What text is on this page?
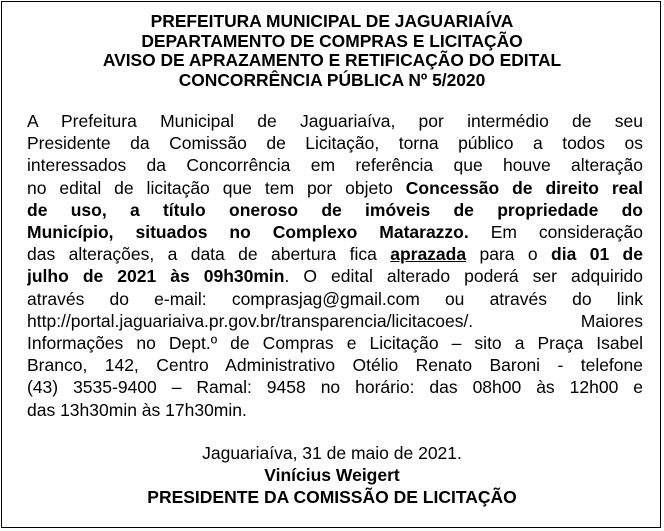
PREFEITURA MUNICIPAL DE JAGUARIAÍVA
DEPARTAMENTO DE COMPRAS E LICITAÇÃO
AVISO DE APRAZAMENTO E RETIFICAÇÃO DO EDITAL
CONCORRÊNCIA PÚBLICA Nº 5/2020
A Prefeitura Municipal de Jaguariaíva, por intermédio de seu
Presidente da Comissão de Licitação, torna público a todos os
interessados da Concorrência em referência que houve alteração
no edital de licitação que tem por objeto Concessão de direito real
de uso, a título oneroso de imóveis de propriedade do
Município, situados no Complexo Matarazzo. Em consideração
das alterações, a data de abertura fica aprazada para o dia 01 de
julho de 2021 às 09h30min. O edital alterado poderá ser adquirido
através do e-mail: comprasjag@gmail.com ou através do link
http://portal.jaguariaiva.pr.gov.br/transparencia/licitacoes/.	Maiores
Informações no Dept.º de Compras e Licitação – sito a Praça Isabel
Branco, 142, Centro Administrativo Otélio Renato Baroni - telefone
(43) 3535-9400 – Ramal: 9458 no horário: das 08h00 às 12h00 e
das 13h30min às 17h30min.
Jaguariaíva, 31 de maio de 2021.
Vinícius Weigert
PRESIDENTE DA COMISSÃO DE LICITAÇÃO
